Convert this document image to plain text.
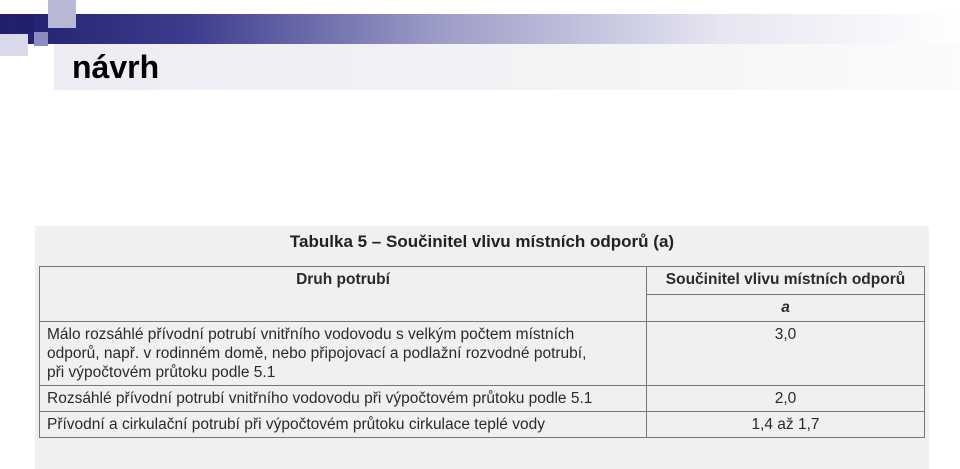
návrh
Tabulka 5 – Součinitel vlivu místních odporů (a)
Druh potrubí	Součinitel vlivu místních odporů
	a

Málo rozsáhlé přívodní potrubí vnitřního vodovodu s velkým počtem místních
odporů, např. v rodinném domě, nebo připojovací a podlažní rozvodné potrubí,
při výpočtovém průtoku podle 5.1	3,0

Rozsáhlé přívodní potrubí vnitřního vodovodu při výpočtovém průtoku podle 5.1	2,0

Přívodní a cirkulační potrubí při výpočtovém průtoku cirkulace teplé vody	1,4 až 1,7
